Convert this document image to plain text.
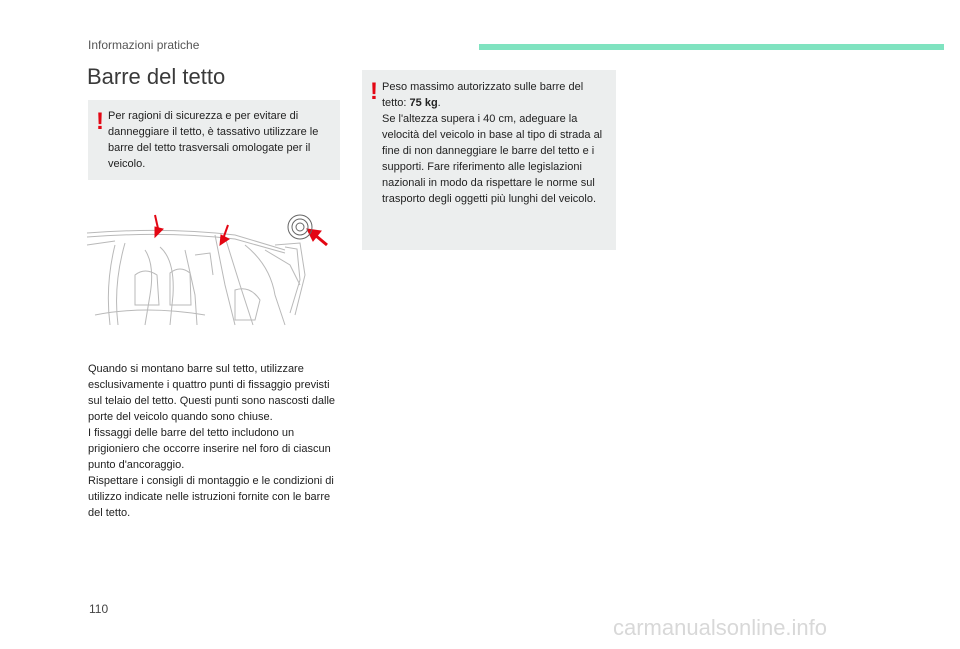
Informazioni pratiche
Barre del tetto
! Per ragioni di sicurezza e per evitare di danneggiare il tetto, è tassativo utilizzare le barre del tetto trasversali omologate per il veicolo.
! Peso massimo autorizzato sulle barre del tetto: 75 kg.
Se l'altezza supera i 40 cm, adeguare la velocità del veicolo in base al tipo di strada al fine di non danneggiare le barre del tetto e i supporti. Fare riferimento alle legislazioni nazionali in modo da rispettare le norme sul trasporto degli oggetti più lunghi del veicolo.
Quando si montano barre sul tetto, utilizzare esclusivamente i quattro punti di fissaggio previsti sul telaio del tetto. Questi punti sono nascosti dalle porte del veicolo quando sono chiuse.
I fissaggi delle barre del tetto includono un prigioniero che occorre inserire nel foro di ciascun punto d'ancoraggio.
Rispettare i consigli di montaggio e le condizioni di utilizzo indicate nelle istruzioni fornite con le barre del tetto.
110
carmanualsonline.info
